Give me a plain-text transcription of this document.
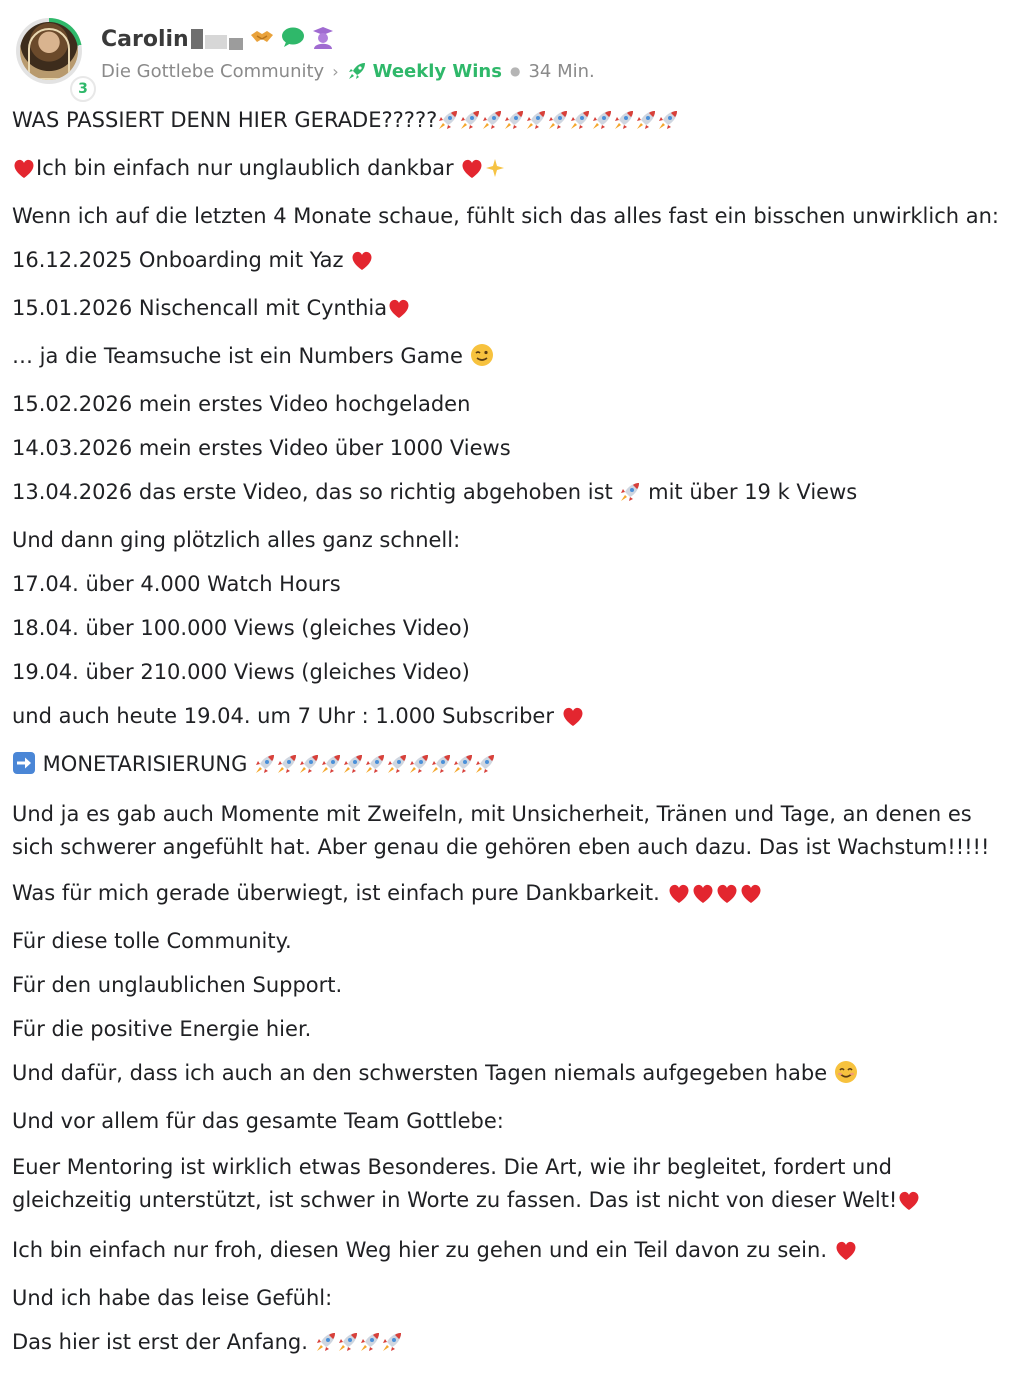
3
Carolin
Die Gottlebe Community › Weekly Wins ● 34 Min.
WAS PASSIERT DENN HIER GERADE?????
Ich bin einfach nur unglaublich dankbar
Wenn ich auf die letzten 4 Monate schaue, fühlt sich das alles fast ein bisschen unwirklich an:
16.12.2025 Onboarding mit Yaz
15.01.2026 Nischencall mit Cynthia
… ja die Teamsuche ist ein Numbers Game
15.02.2026 mein erstes Video hochgeladen
14.03.2026 mein erstes Video über 1000 Views
13.04.2026 das erste Video, das so richtig abgehoben ist  mit über 19 k Views
Und dann ging plötzlich alles ganz schnell:
17.04. über 4.000 Watch Hours
18.04. über 100.000 Views (gleiches Video)
19.04. über 210.000 Views (gleiches Video)
und auch heute 19.04. um 7 Uhr : 1.000 Subscriber
MONETARISIERUNG
Und ja es gab auch Momente mit Zweifeln, mit Unsicherheit, Tränen und Tage, an denen es sich schwerer angefühlt hat. Aber genau die gehören eben auch dazu. Das ist Wachstum!!!!!
Was für mich gerade überwiegt, ist einfach pure Dankbarkeit.
Für diese tolle Community.
Für den unglaublichen Support.
Für die positive Energie hier.
Und dafür, dass ich auch an den schwersten Tagen niemals aufgegeben habe
Und vor allem für das gesamte Team Gottlebe:
Euer Mentoring ist wirklich etwas Besonderes. Die Art, wie ihr begleitet, fordert und gleichzeitig unterstützt, ist schwer in Worte zu fassen. Das ist nicht von dieser Welt!
Ich bin einfach nur froh, diesen Weg hier zu gehen und ein Teil davon zu sein.
Und ich habe das leise Gefühl:
Das hier ist erst der Anfang.
